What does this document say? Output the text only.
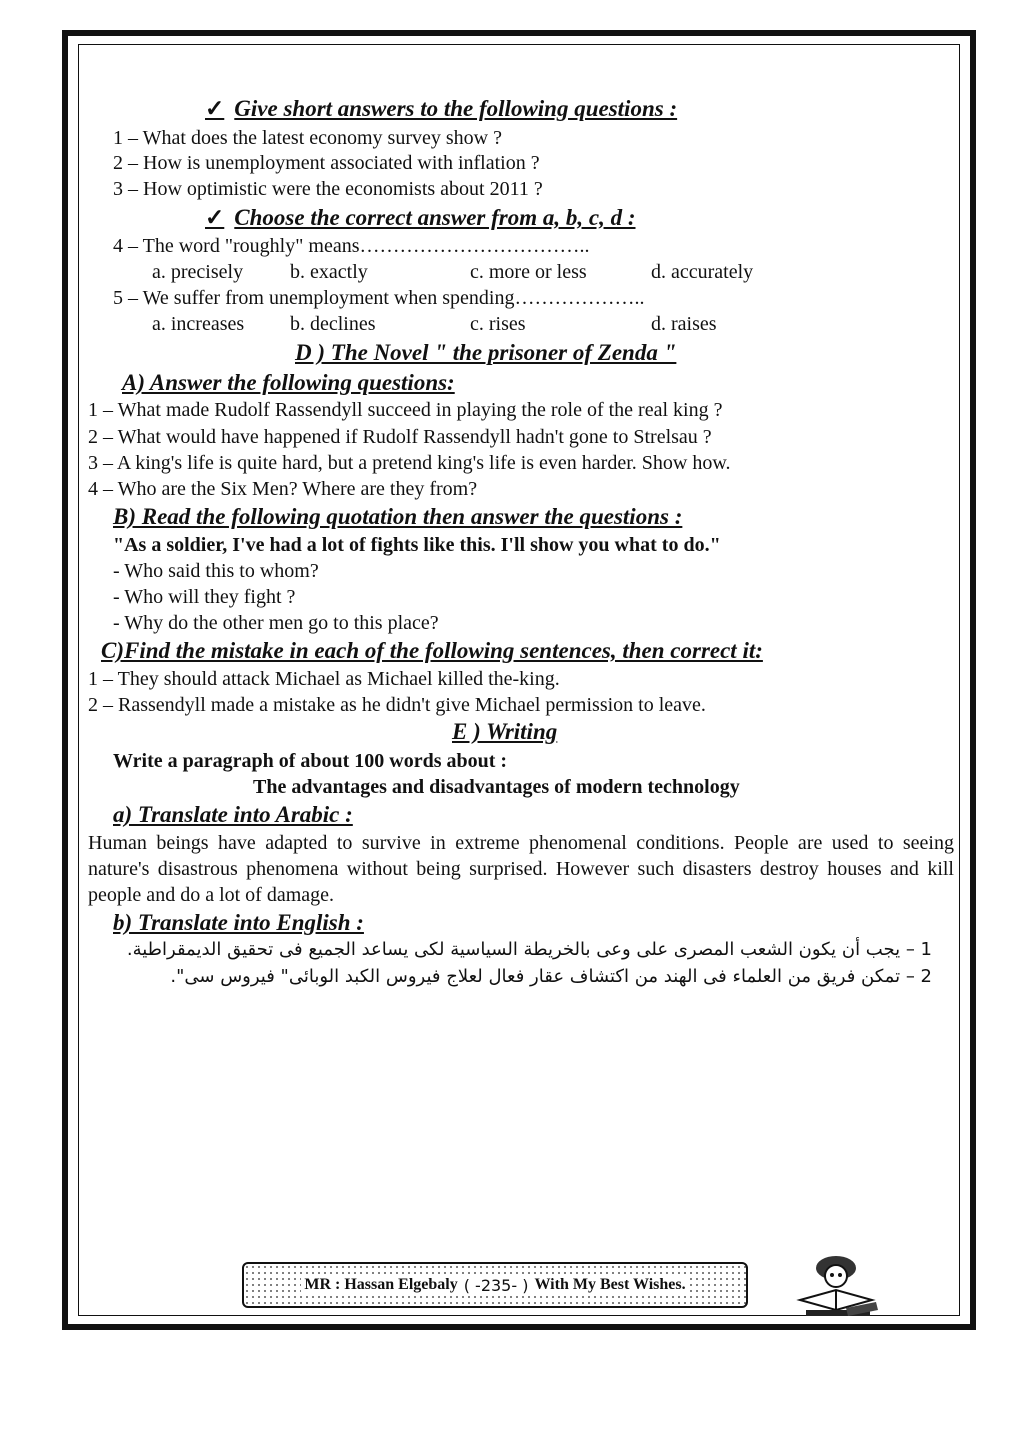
✓ Give short answers to the following questions :
1 – What does the latest economy survey show ?
2 – How is unemployment associated with inflation ?
3 – How optimistic were the economists about 2011 ?
✓ Choose the correct answer from a, b, c, d :
4 – The word "roughly" means……………………………..
a. precisely b. exactly	c. more or less	d. accurately
5 – We suffer from unemployment when spending………………..
a. increases b. declines	c. rises	d. raises
D ) The Novel " the prisoner of Zenda "
A) Answer the following questions:
1 – What made Rudolf Rassendyll succeed in playing the role of the real king ?
2 – What would have happened if Rudolf Rassendyll hadn't gone to Strelsau ?
3 – A king's life is quite hard, but a pretend king's life is even harder. Show how.
4 – Who are the Six Men? Where are they from?
B) Read the following quotation then answer the questions :
"As a soldier, I've had a lot of fights like this. I'll show you what to do."
- Who said this to whom?
- Who will they fight ?
- Why do the other men go to this place?
C)Find the mistake in each of the following sentences, then correct it:
1 – They should attack Michael as Michael killed the-king.
2 – Rassendyll made a mistake as he didn't give Michael permission to leave.
E ) Writing
Write a paragraph of about 100 words about :
The advantages and disadvantages of modern technology
a) Translate into Arabic :
Human beings have adapted to survive in extreme phenomenal conditions. People are used to seeing nature's disastrous phenomena without being surprised. However such disasters destroy houses and kill people and do a lot of damage.
b) Translate into English :
1 – يجب أن يكون الشعب المصرى على وعى بالخريطة السياسية لكى يساعد الجميع فى تحقيق الديمقراطية.
2 – تمكن فريق من العلماء فى الهند من اكتشاف عقار فعال لعلاج فيروس الكبد الوبائى" فيروس سى".
MR : Hassan Elgebaly ( -235- ) With My Best Wishes.
